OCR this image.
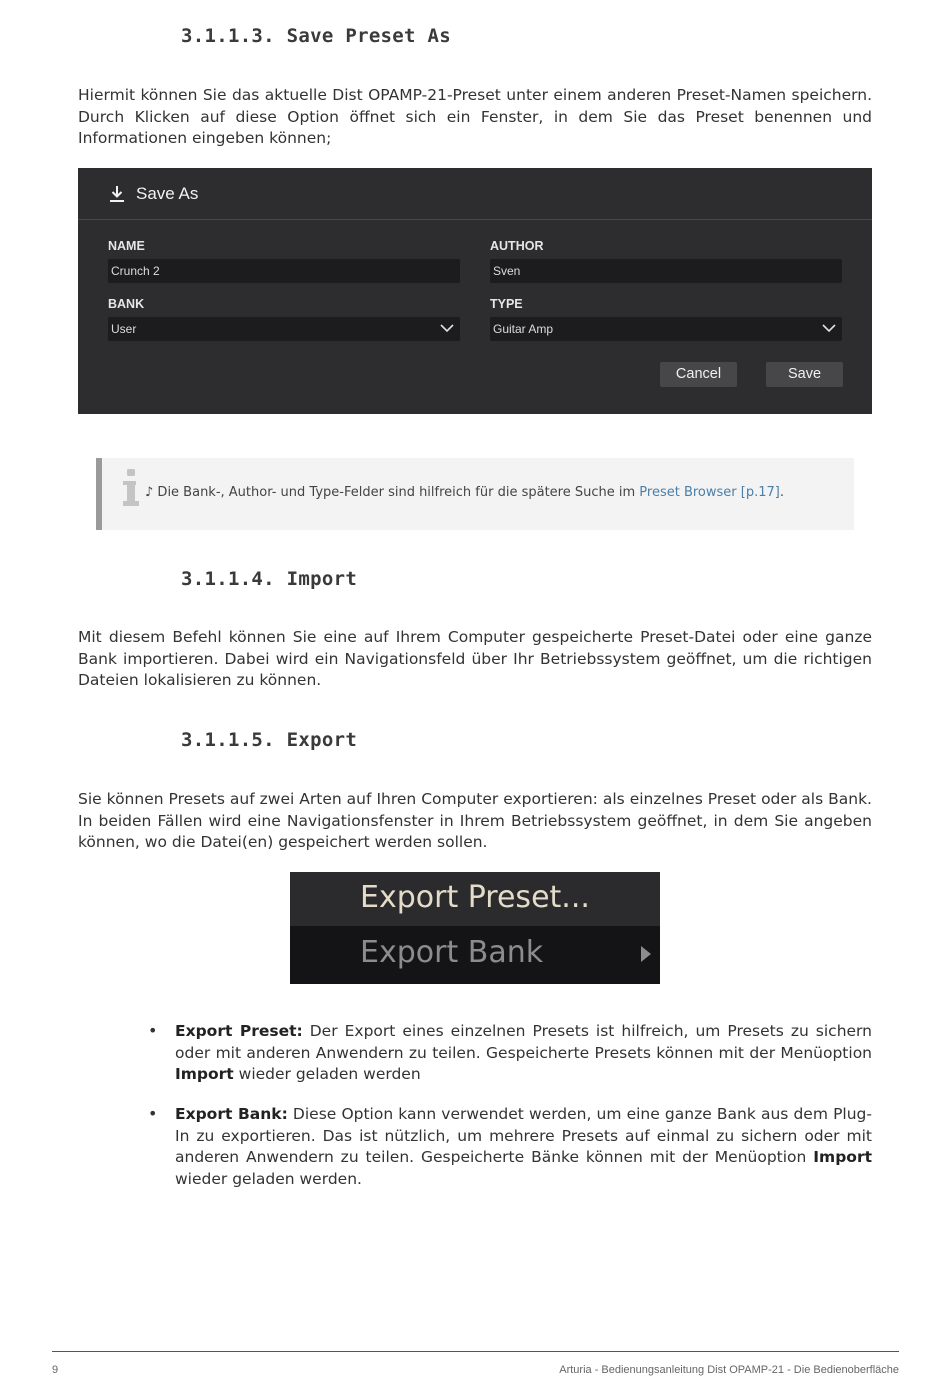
3.1.1.3. Save Preset As

Hiermit können Sie das aktuelle Dist OPAMP-21-Preset unter einem anderen Preset-Namen speichern. Durch Klicken auf diese Option öffnet sich ein Fenster, in dem Sie das Preset benennen und Informationen eingeben können;

Save As
NAME
Crunch 2
AUTHOR
Sven
BANK
User
TYPE
Guitar Amp
Cancel	Save
♪ Die Bank-, Author- und Type-Felder sind hilfreich für die spätere Suche im Preset Browser [p.17].
3.1.1.4. Import

Mit diesem Befehl können Sie eine auf Ihrem Computer gespeicherte Preset-Datei oder eine ganze Bank importieren. Dabei wird ein Navigationsfeld über Ihr Betriebssystem geöffnet, um die richtigen Dateien lokalisieren zu können.

3.1.1.5. Export

Sie können Presets auf zwei Arten auf Ihren Computer exportieren: als einzelnes Preset oder als Bank. In beiden Fällen wird eine Navigationsfenster in Ihrem Betriebssystem geöffnet, in dem Sie angeben können, wo die Datei(en) gespeichert werden sollen.

Export Preset...
Export Bank
• Export Preset: Der Export eines einzelnen Presets ist hilfreich, um Presets zu sichern oder mit anderen Anwendern zu teilen. Gespeicherte Presets können mit der Menüoption Import wieder geladen werden

• Export Bank: Diese Option kann verwendet werden, um eine ganze Bank aus dem Plug-In zu exportieren. Das ist nützlich, um mehrere Presets auf einmal zu sichern oder mit anderen Anwendern zu teilen. Gespeicherte Bänke können mit der Menüoption Import wieder geladen werden.

9	Arturia - Bedienungsanleitung Dist OPAMP-21 - Die Bedienoberfläche
